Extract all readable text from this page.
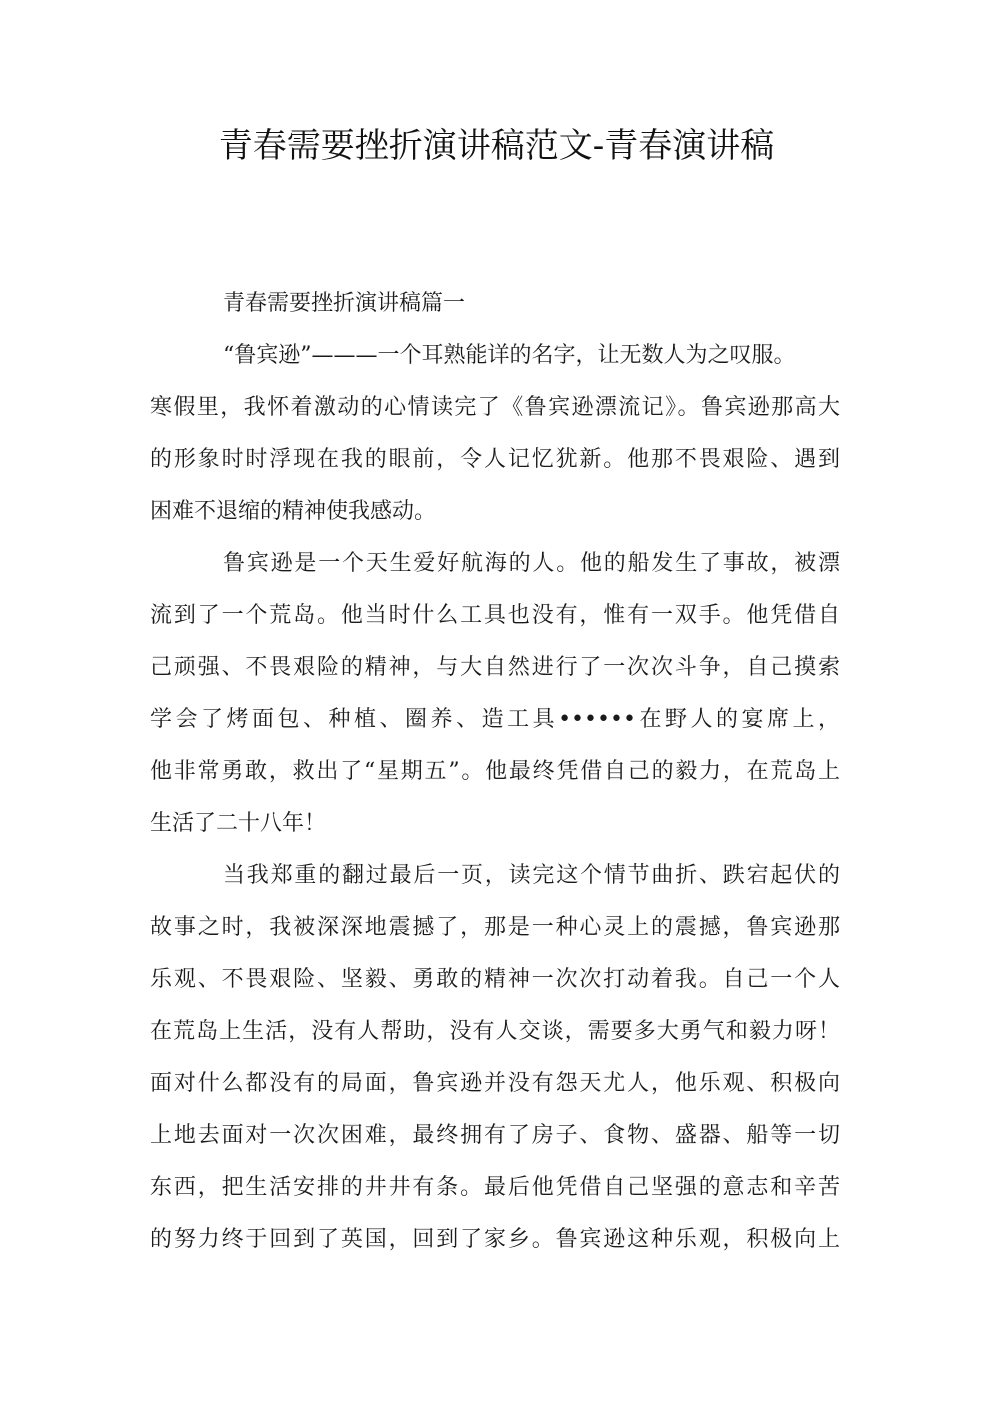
青春需要挫折演讲稿范文-青春演讲稿
青春需要挫折演讲稿篇一
“鲁宾逊”———一个耳熟能详的名字，让无数人为之叹服。
寒假里，我怀着激动的心情读完了《鲁宾逊漂流记》。鲁宾逊那高大
的形象时时浮现在我的眼前，令人记忆犹新。他那不畏艰险、遇到
困难不退缩的精神使我感动。
鲁宾逊是一个天生爱好航海的人。他的船发生了事故，被漂
流到了一个荒岛。他当时什么工具也没有，惟有一双手。他凭借自
己顽强、不畏艰险的精神，与大自然进行了一次次斗争，自己摸索
学会了烤面包、种植、圈养、造工具••••••在野人的宴席上，
他非常勇敢，救出了“星期五”。他最终凭借自己的毅力，在荒岛上
生活了二十八年！
当我郑重的翻过最后一页，读完这个情节曲折、跌宕起伏的
故事之时，我被深深地震撼了，那是一种心灵上的震撼，鲁宾逊那
乐观、不畏艰险、坚毅、勇敢的精神一次次打动着我。自己一个人
在荒岛上生活，没有人帮助，没有人交谈，需要多大勇气和毅力呀！
面对什么都没有的局面，鲁宾逊并没有怨天尤人，他乐观、积极向
上地去面对一次次困难，最终拥有了房子、食物、盛器、船等一切
东西，把生活安排的井井有条。最后他凭借自己坚强的意志和辛苦
的努力终于回到了英国，回到了家乡。鲁宾逊这种乐观，积极向上
